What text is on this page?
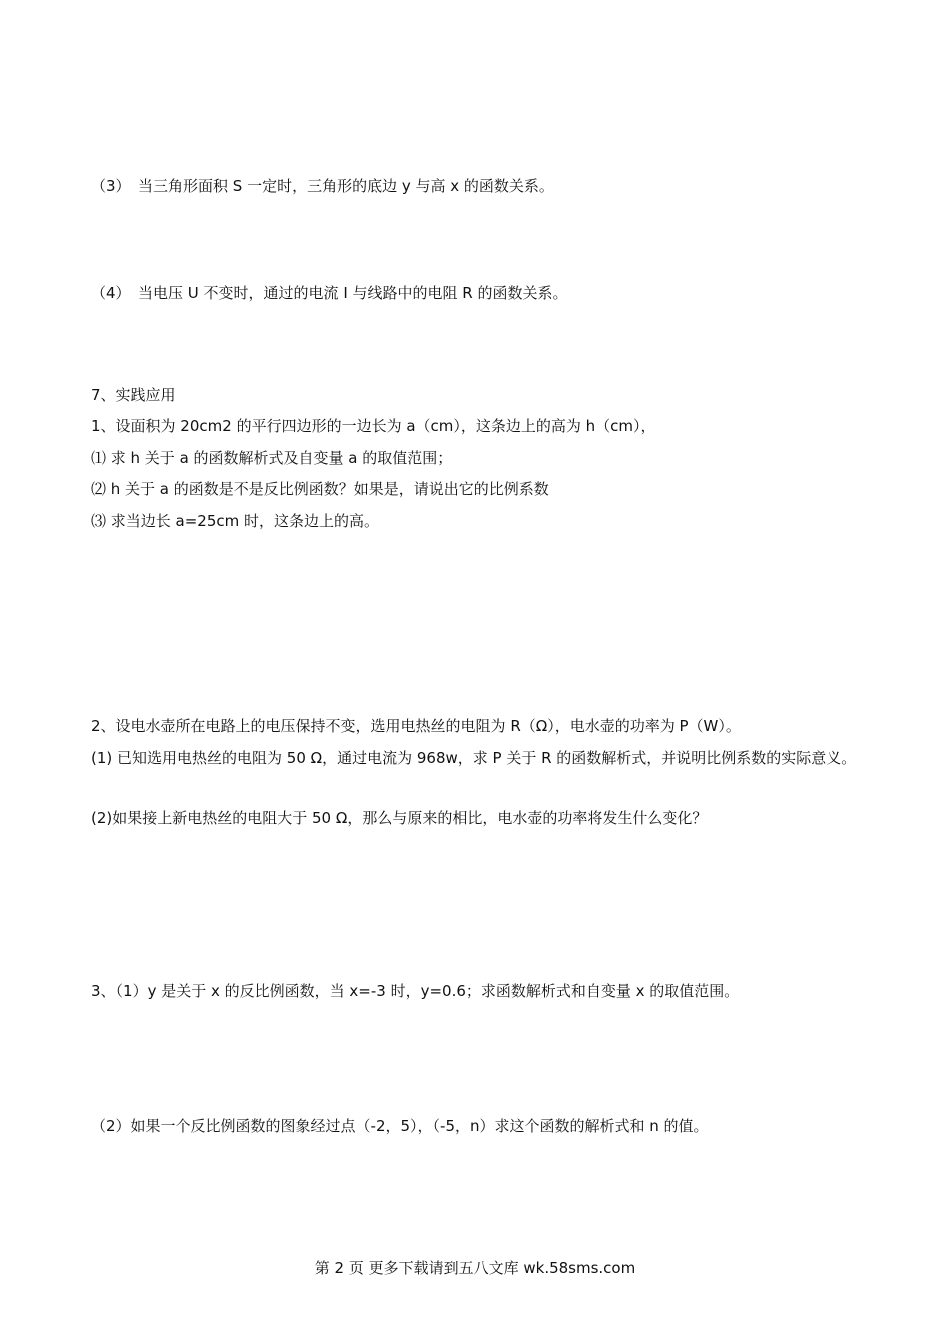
（3）　当三角形面积 S 一定时，三角形的底边 y 与高 x 的函数关系。
（4）　当电压 U 不变时，通过的电流 I 与线路中的电阻 R 的函数关系。
7、实践应用
1、设面积为 20cm2 的平行四边形的一边长为 a（cm），这条边上的高为 h（cm），
⑴ 求 h 关于 a 的函数解析式及自变量 a 的取值范围；
⑵ h 关于 a 的函数是不是反比例函数？如果是，请说出它的比例系数
⑶ 求当边长 a=25cm 时，这条边上的高。
2、设电水壶所在电路上的电压保持不变，选用电热丝的电阻为 R（Ω），电水壶的功率为 P（W）。
(1) 已知选用电热丝的电阻为 50 Ω，通过电流为 968w，求 P 关于 R 的函数解析式，并说明比例系数的实际意义。
(2)如果接上新电热丝的电阻大于 50 Ω，那么与原来的相比，电水壶的功率将发生什么变化？
3、（1）y 是关于 x 的反比例函数，当 x=-3 时，y=0.6；求函数解析式和自变量 x 的取值范围。
（2）如果一个反比例函数的图象经过点（-2，5），（-5，n）求这个函数的解析式和 n 的值。
第 2 页 更多下载请到五八文库 wk.58sms.com
